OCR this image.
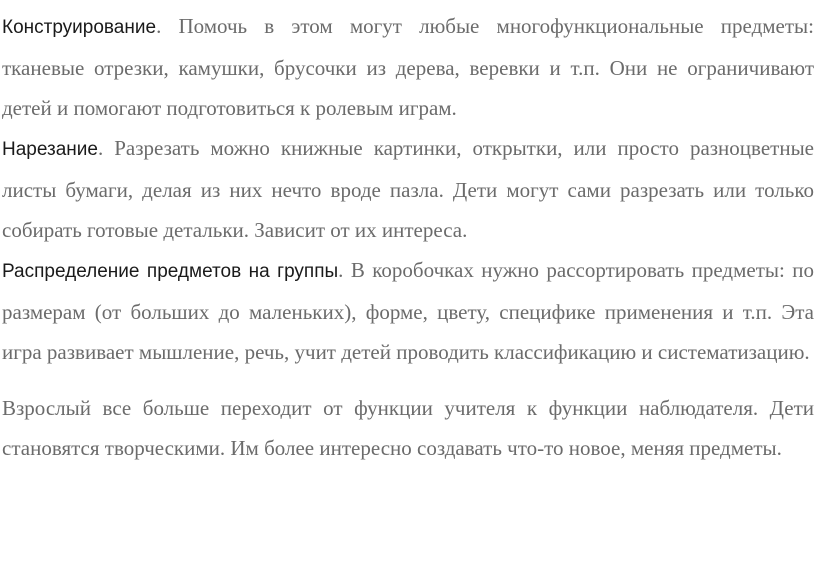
Конструирование. Помочь в этом могут любые многофункциональные предметы: тканевые отрезки, камушки, брусочки из дерева, веревки и т.п. Они не ограничивают детей и помогают подготовиться к ролевым играм.

Нарезание. Разрезать можно книжные картинки, открытки, или просто разноцветные листы бумаги, делая из них нечто вроде пазла. Дети могут сами разрезать или только собирать готовые детальки. Зависит от их интереса.

Распределение предметов на группы. В коробочках нужно рассортировать предметы: по размерам (от больших до маленьких), форме, цвету, специфике применения и т.п. Эта игра развивает мышление, речь, учит детей проводить классификацию и систематизацию.

Взрослый все больше переходит от функции учителя к функции наблюдателя. Дети становятся творческими. Им более интересно создавать что-то новое, меняя предметы.
